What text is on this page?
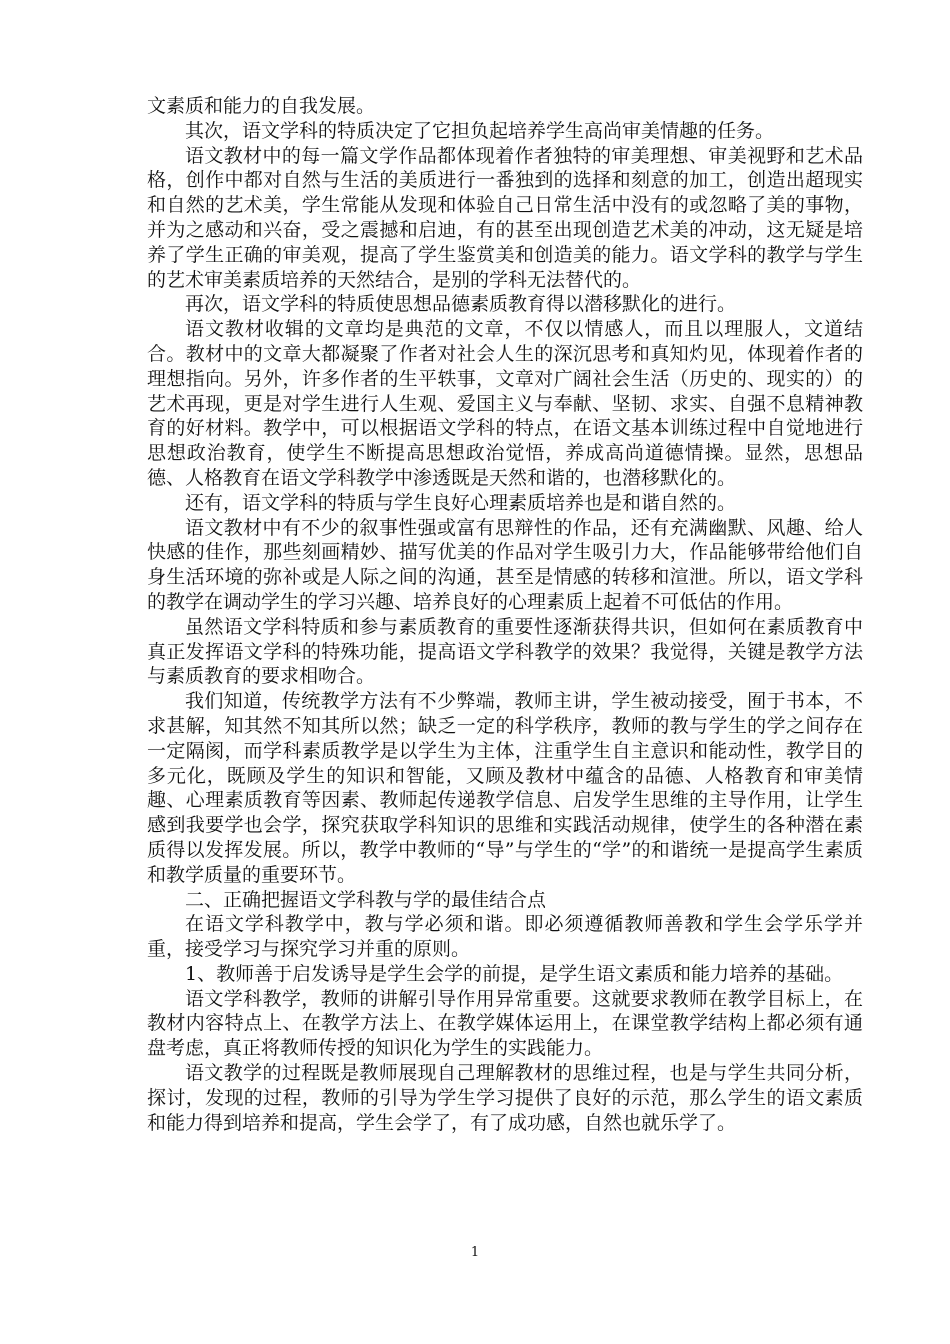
文素质和能力的自我发展。

其次，语文学科的特质决定了它担负起培养学生高尚审美情趣的任务。

语文教材中的每一篇文学作品都体现着作者独特的审美理想、审美视野和艺术品格，创作中都对自然与生活的美质进行一番独到的选择和刻意的加工，创造出超现实和自然的艺术美，学生常能从发现和体验自己日常生活中没有的或忽略了美的事物，并为之感动和兴奋，受之震撼和启迪，有的甚至出现创造艺术美的冲动，这无疑是培养了学生正确的审美观，提高了学生鉴赏美和创造美的能力。语文学科的教学与学生的艺术审美素质培养的天然结合，是别的学科无法替代的。

再次，语文学科的特质使思想品德素质教育得以潜移默化的进行。

语文教材收辑的文章均是典范的文章，不仅以情感人，而且以理服人，文道结合。教材中的文章大都凝聚了作者对社会人生的深沉思考和真知灼见，体现着作者的理想指向。另外，许多作者的生平轶事，文章对广阔社会生活（历史的、现实的）的艺术再现，更是对学生进行人生观、爱国主义与奉献、坚韧、求实、自强不息精神教育的好材料。教学中，可以根据语文学科的特点，在语文基本训练过程中自觉地进行思想政治教育，使学生不断提高思想政治觉悟，养成高尚道德情操。显然，思想品德、人格教育在语文学科教学中渗透既是天然和谐的，也潜移默化的。

还有，语文学科的特质与学生良好心理素质培养也是和谐自然的。

语文教材中有不少的叙事性强或富有思辩性的作品，还有充满幽默、风趣、给人快感的佳作，那些刻画精妙、描写优美的作品对学生吸引力大，作品能够带给他们自身生活环境的弥补或是人际之间的沟通，甚至是情感的转移和渲泄。所以，语文学科的教学在调动学生的学习兴趣、培养良好的心理素质上起着不可低估的作用。

虽然语文学科特质和参与素质教育的重要性逐渐获得共识，但如何在素质教育中真正发挥语文学科的特殊功能，提高语文学科教学的效果？我觉得，关键是教学方法与素质教育的要求相吻合。

我们知道，传统教学方法有不少弊端，教师主讲，学生被动接受，囿于书本，不求甚解，知其然不知其所以然；缺乏一定的科学秩序，教师的教与学生的学之间存在一定隔阂，而学科素质教学是以学生为主体，注重学生自主意识和能动性，教学目的多元化，既顾及学生的知识和智能，又顾及教材中蕴含的品德、人格教育和审美情趣、心理素质教育等因素、教师起传递教学信息、启发学生思维的主导作用，让学生感到我要学也会学，探究获取学科知识的思维和实践活动规律，使学生的各种潜在素质得以发挥发展。所以，教学中教师的“导”与学生的“学”的和谐统一是提高学生素质和教学质量的重要环节。

二、正确把握语文学科教与学的最佳结合点

在语文学科教学中，教与学必须和谐。即必须遵循教师善教和学生会学乐学并重，接受学习与探究学习并重的原则。

1、教师善于启发诱导是学生会学的前提，是学生语文素质和能力培养的基础。

语文学科教学，教师的讲解引导作用异常重要。这就要求教师在教学目标上，在教材内容特点上、在教学方法上、在教学媒体运用上，在课堂教学结构上都必须有通盘考虑，真正将教师传授的知识化为学生的实践能力。

语文教学的过程既是教师展现自己理解教材的思维过程，也是与学生共同分析，探讨，发现的过程，教师的引导为学生学习提供了良好的示范，那么学生的语文素质和能力得到培养和提高，学生会学了，有了成功感，自然也就乐学了。

1
